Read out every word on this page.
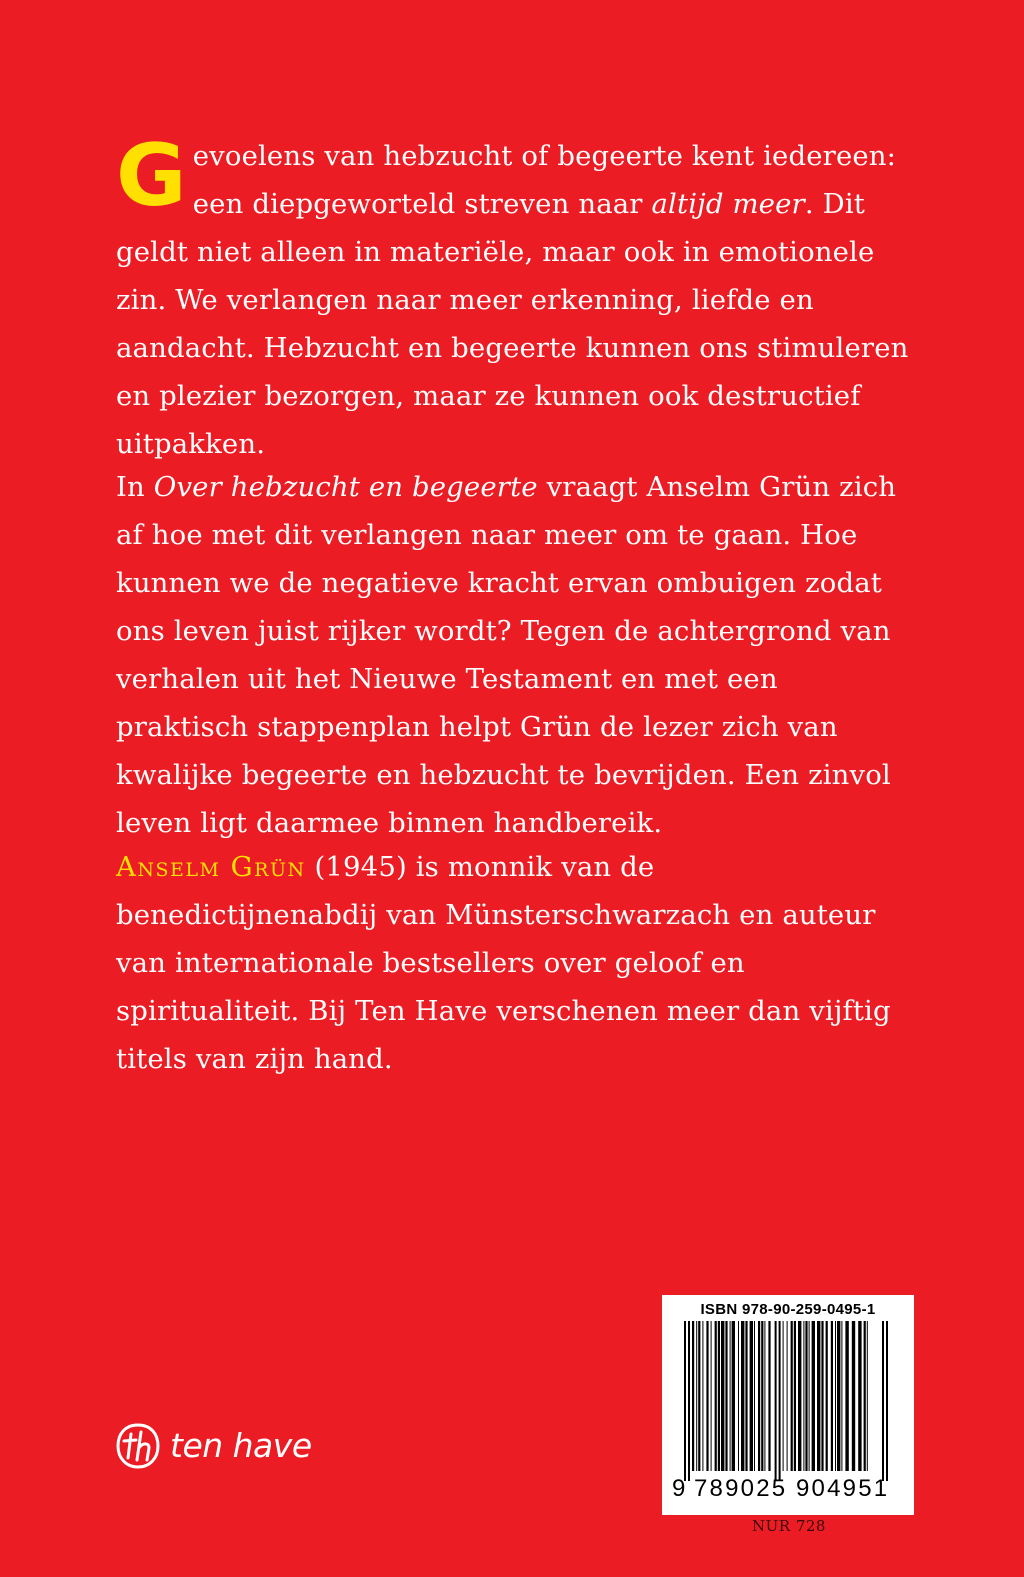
Gevoelens van hebzucht of begeerte kent iedereen: een diepgeworteld streven naar altijd meer. Dit geldt niet alleen in materiële, maar ook in emotionele zin. We verlangen naar meer erkenning, liefde en aandacht. Hebzucht en begeerte kunnen ons stimuleren en plezier bezorgen, maar ze kunnen ook destructief uitpakken.

In Over hebzucht en begeerte vraagt Anselm Grün zich af hoe met dit verlangen naar meer om te gaan. Hoe kunnen we de negatieve kracht ervan ombuigen zodat ons leven juist rijker wordt? Tegen de achtergrond van verhalen uit het Nieuwe Testament en met een praktisch stappenplan helpt Grün de lezer zich van kwalijke begeerte en hebzucht te bevrijden. Een zinvol leven ligt daarmee binnen handbereik.

Anselm Grün (1945) is monnik van de benedictijnenabdij van Münsterschwarzach en auteur van internationale bestsellers over geloof en spiritualiteit. Bij Ten Have verschenen meer dan vijftig titels van zijn hand.

ten have
ISBN 978-90-259-0495-1
9 789025 904951
NUR 728
